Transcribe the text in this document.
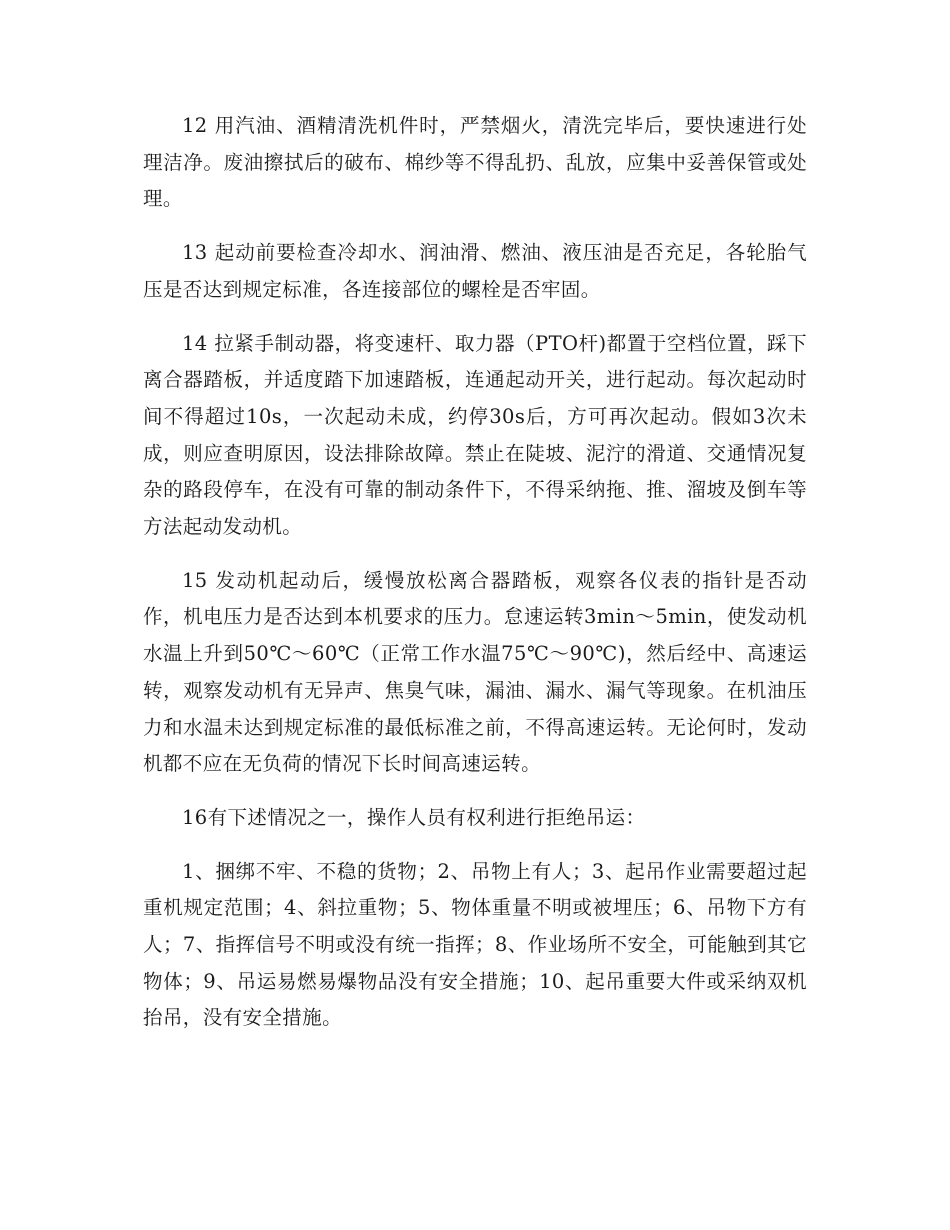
12 用汽油、酒精清洗机件时，严禁烟火，清洗完毕后，要快速进行处理洁净。废油擦拭后的破布、棉纱等不得乱扔、乱放，应集中妥善保管或处理。

13 起动前要检查冷却水、润油滑、燃油、液压油是否充足，各轮胎气压是否达到规定标准，各连接部位的螺栓是否牢固。

14 拉紧手制动器，将变速杆、取力器（PTO杆)都置于空档位置，踩下离合器踏板，并适度踏下加速踏板，连通起动开关，进行起动。每次起动时间不得超过10s，一次起动未成，约停30s后，方可再次起动。假如3次未成，则应查明原因，设法排除故障。禁止在陡坡、泥泞的滑道、交通情况复杂的路段停车，在没有可靠的制动条件下，不得采纳拖、推、溜坡及倒车等方法起动发动机。

15 发动机起动后，缓慢放松离合器踏板，观察各仪表的指针是否动作，机电压力是否达到本机要求的压力。怠速运转3min～5min，使发动机水温上升到50℃～60℃（正常工作水温75℃～90℃)，然后经中、高速运转，观察发动机有无异声、焦臭气味，漏油、漏水、漏气等现象。在机油压力和水温未达到规定标准的最低标准之前，不得高速运转。无论何时，发动机都不应在无负荷的情况下长时间高速运转。

16有下述情况之一，操作人员有权利进行拒绝吊运：

1、捆绑不牢、不稳的货物；2、吊物上有人；3、起吊作业需要超过起重机规定范围；4、斜拉重物；5、物体重量不明或被埋压；6、吊物下方有人；7、指挥信号不明或没有统一指挥；8、作业场所不安全，可能触到其它物体；9、吊运易燃易爆物品没有安全措施；10、起吊重要大件或采纳双机抬吊，没有安全措施。
